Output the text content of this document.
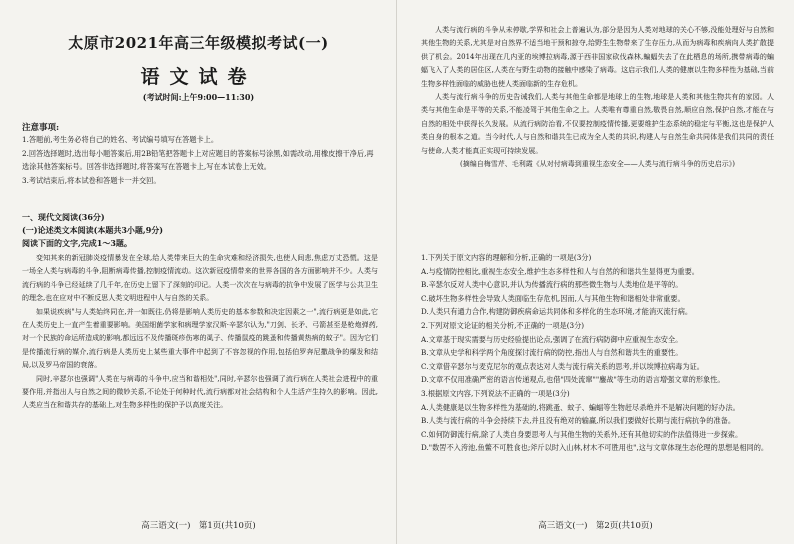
太原市2021年高三年级模拟考试(一)
语文试卷
(考试时间:上午9:00—11:30)
注意事项:

1.答题前,考生务必将自己的姓名、考试编号填写在答题卡上。

2.回答选择题时,选出每小题答案后,用2B铅笔把答题卡上对应题目的答案标号涂黑,如需改动,用橡皮擦干净后,再选涂其他答案标号。回答非选择题时,将答案写在答题卡上,写在本试卷上无效。

3.考试结束后,将本试卷和答题卡一并交回。

一、现代文阅读(36分)
(一)论述类文本阅读(本题共3小题,9分)
阅读下面的文字,完成1～3题。

变知其来的新冠肺炎疫情暴发在全球,给人类带来巨大的生命灾难和经济损失,也使人间悲,焦虑万丈恐慌。这是一场全人类与病毒的斗争,阻断病毒传播,控制疫情流动。这次新冠疫情带来的世界各国的各方面影响并不少。人类与流行病的斗争已经延续了几千年,在历史上留下了深刻的印记。人类一次次在与病毒的抗争中发展了医学与公共卫生的理念,也在应对中不断反思人类文明进程中人与自然的关系。

如果说疾病"与人类始终同在,并一如既往,仍将是影响人类历史的基本参数和决定因素之一",流行病更是如此,它在人类历史上一直产生着重要影响。美国细菌学家和病理学家汉斯·辛瑟尔认为,"刀剑、长矛、弓箭甚至是枪炮弹药,对一个民族的命运所造成的影响,都远远不及传播斑疹伤寒的虱子、传播鼠疫的跳蚤和传播黄热病的蚊子"。因为它们是传播流行病的媒介,流行病是人类历史上某些重大事件中起到了不容忽视的作用,包括伯罗奔尼撒战争的爆发和结局,以及罗马帝国的衰落。

同时,辛瑟尔也强调"人类在与病毒的斗争中,应当和谐相处",同时,辛瑟尔也强调了流行病在人类社会进程中的重要作用,并指出人与自然之间的微妙关系,不论处于何种时代,流行病都对社会结构和个人生活产生持久的影响。因此,人类应当在和谐共存的基础上,对生物多样性的保护予以高度关注。

高三语文(一)　第1页(共10页)

人类与流行病的斗争从未停歇,学界和社会上普遍认为,部分是因为人类对地球的关心不够,没能处理好与自然和其他生物的关系,尤其是对自然界不适当地干预和掠夺,给野生生物带来了生存压力,从而为病毒和疾病向人类扩散提供了机会。2014年出现在几内亚的埃博拉病毒,源于西非国家砍伐森林,蝙蝠失去了在此栖息的场所,携带病毒的蝙蝠飞入了人类的居住区,人类在与野生动物的接触中感染了病毒。这启示我们,人类的健康以生物多样性为基础,当前生物多样性面临的威胁也使人类面临新的生存危机。

人类与流行病斗争的历史告诫我们,人类与其他生命都是地球上的生物,地球是人类和其他生物共有的家园。人类与其他生命是平等的关系,不能凌驾于其他生命之上。人类唯有尊重自然,敬畏自然,顺应自然,保护自然,才能在与自然的相处中获得长久发展。从流行病防治看,不仅要控制疫情传播,更要维护生态系统的稳定与平衡,这也是保护人类自身的根本之道。当今时代,人与自然和谐共生已成为全人类的共识,构建人与自然生命共同体是我们共同的责任与使命,人类才能真正实现可持续发展。

(摘编自梅雪芹、毛利霞《从对付病毒到重视生态安全——人类与流行病斗争的历史启示》)

1.下列关于原文内容的理解和分析,正确的一项是(3分)

A.与疫情防控相比,重视生态安全,维护生态多样性和人与自然的和谐共生显得更为重要。

B.辛瑟尔反对人类中心意识,并认为传播流行病的那些微生物与人类地位是平等的。

C.破坏生物多样性会导致人类面临生存危机,因而,人与其他生物和谐相处非常重要。

D.人类只有通力合作,构建防御疾病命运共同体和多样化的生态环境,才能消灭流行病。

2.下列对原文论证的相关分析,不正确的一项是(3分)

A.文章基于现实需要与历史经验提出论点,强调了在流行病防御中应重视生态安全。

B.文章从史学和科学两个角度探讨流行病的防控,指出人与自然和谐共生的重要性。

C.文章借辛瑟尔与麦克尼尔的观点表达对人类与流行病关系的思考,并以埃博拉病毒为证。

D.文章不仅用准确严密的语言传递观点,也借"四处流窜""鏖战"等生动的语言增强文章的形象性。

3.根据原文内容,下列说法不正确的一项是(3分)

A.人类健康是以生物多样性为基础的,将跳蚤、蚊子、蝙蝠等生物赶尽杀绝并不是解决问题的好办法。

B.人类与流行病的斗争会持续下去,并且没有绝对的输赢,所以我们要做好长期与流行病抗争的准备。

C.如何防御流行病,除了人类自身要思考人与其他生物的关系外,还有其他切实的作法值得进一步探索。

D."数罟不入洿池,鱼鳖不可胜食也;斧斤以时入山林,材木不可胜用也",这与文章体现生态伦理的思想是相同的。

高三语文(一)　第2页(共10页)
